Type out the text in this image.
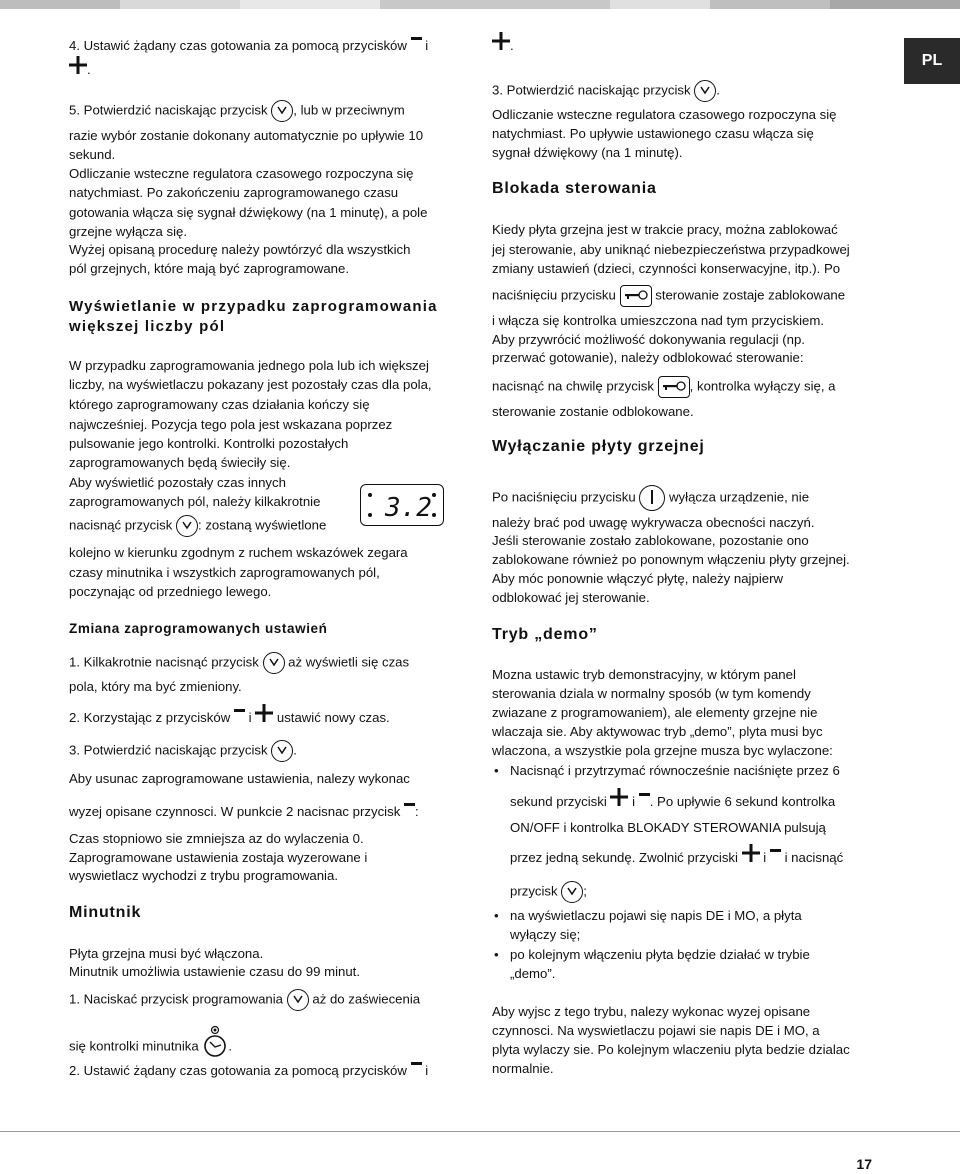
PL
4. Ustawić żądany czas gotowania za pomocą przycisków i
.
5. Potwierdzić naciskając przycisk , lub w przeciwnym
razie wybór zostanie dokonany automatycznie po upływie 10
sekund.
Odliczanie wsteczne regulatora czasowego rozpoczyna się
natychmiast. Po zakończeniu zaprogramowanego czasu
gotowania włącza się sygnał dźwiękowy (na 1 minutę), a pole
grzejne wyłącza się.
Wyżej opisaną procedurę należy powtórzyć dla wszystkich
pól grzejnych, które mają być zaprogramowane.
Wyświetlanie w przypadku zaprogramowania
większej liczby pól
W przypadku zaprogramowania jednego pola lub ich większej
liczby, na wyświetlaczu pokazany jest pozostały czas dla pola,
którego zaprogramowany czas działania kończy się
najwcześniej. Pozycja tego pola jest wskazana poprzez
pulsowanie jego kontrolki. Kontrolki pozostałych
zaprogramowanych będą świeciły się.
Aby wyświetlić pozostały czas innych
zaprogramowanych pól, należy kilkakrotnie 3.2
nacisnąć przycisk : zostaną wyświetlone
kolejno w kierunku zgodnym z ruchem wskazówek zegara
czasy minutnika i wszystkich zaprogramowanych pól,
poczynając od przedniego lewego.
Zmiana zaprogramowanych ustawień
1. Kilkakrotnie nacisnąć przycisk aż wyświetli się czas
pola, który ma być zmieniony.
2. Korzystając z przycisków i ustawić nowy czas.
3. Potwierdzić naciskając przycisk .
Aby usunac zaprogramowane ustawienia, nalezy wykonac
wyzej opisane czynnosci. W punkcie 2 nacisnac przycisk :
Czas stopniowo sie zmniejsza az do wylaczenia 0.
Zaprogramowane ustawienia zostaja wyzerowane i
wyswietlacz wychodzi z trybu programowania.
Minutnik
Płyta grzejna musi być włączona.
Minutnik umożliwia ustawienie czasu do 99 minut.
1. Naciskać przycisk programowania aż do zaświecenia
się kontrolki minutnika .
2. Ustawić żądany czas gotowania za pomocą przycisków i
.
3. Potwierdzić naciskając przycisk .
Odliczanie wsteczne regulatora czasowego rozpoczyna się
natychmiast. Po upływie ustawionego czasu włącza się
sygnał dźwiękowy (na 1 minutę).
Blokada sterowania
Kiedy płyta grzejna jest w trakcie pracy, można zablokować
jej sterowanie, aby uniknąć niebezpieczeństwa przypadkowej
zmiany ustawień (dzieci, czynności konserwacyjne, itp.). Po
naciśnięciu przycisku	sterowanie zostaje zablokowane
i włącza się kontrolka umieszczona nad tym przyciskiem.
Aby przywrócić możliwość dokonywania regulacji (np.
przerwać gotowanie), należy odblokować sterowanie:
nacisnąć na chwilę przycisk	, kontrolka wyłączy się, a
sterowanie zostanie odblokowane.
Wyłączanie płyty grzejnej
Po naciśnięciu przycisku	wyłącza urządzenie, nie
należy brać pod uwagę wykrywacza obecności naczyń.
Jeśli sterowanie zostało zablokowane, pozostanie ono
zablokowane również po ponownym włączeniu płyty grzejnej.
Aby móc ponownie włączyć płytę, należy najpierw
odblokować jej sterowanie.
Tryb „demo”
Mozna ustawic tryb demonstracyjny, w którym panel
sterowania dziala w normalny sposób (w tym komendy
zwiazane z programowaniem), ale elementy grzejne nie
wlaczaja sie. Aby aktywowac tryb „demo”, plyta musi byc
wlaczona, a wszystkie pola grzejne musza byc wylaczone:
• Nacisnąć i przytrzymać równocześnie naciśnięte przez 6
sekund przyciski i . Po upływie 6 sekund kontrolka
ON/OFF i kontrolka BLOKADY STEROWANIA pulsują
przez jedną sekundę. Zwolnić przyciski i i nacisnąć
przycisk ;
• na wyświetlaczu pojawi się napis DE i MO, a płyta
wyłączy się;
• po kolejnym włączeniu płyta będzie działać w trybie
„demo”.
Aby wyjsc z tego trybu, nalezy wykonac wyzej opisane
czynnosci. Na wyswietlaczu pojawi sie napis DE i MO, a
plyta wylaczy sie. Po kolejnym wlaczeniu plyta bedzie dzialac
normalnie.
17
